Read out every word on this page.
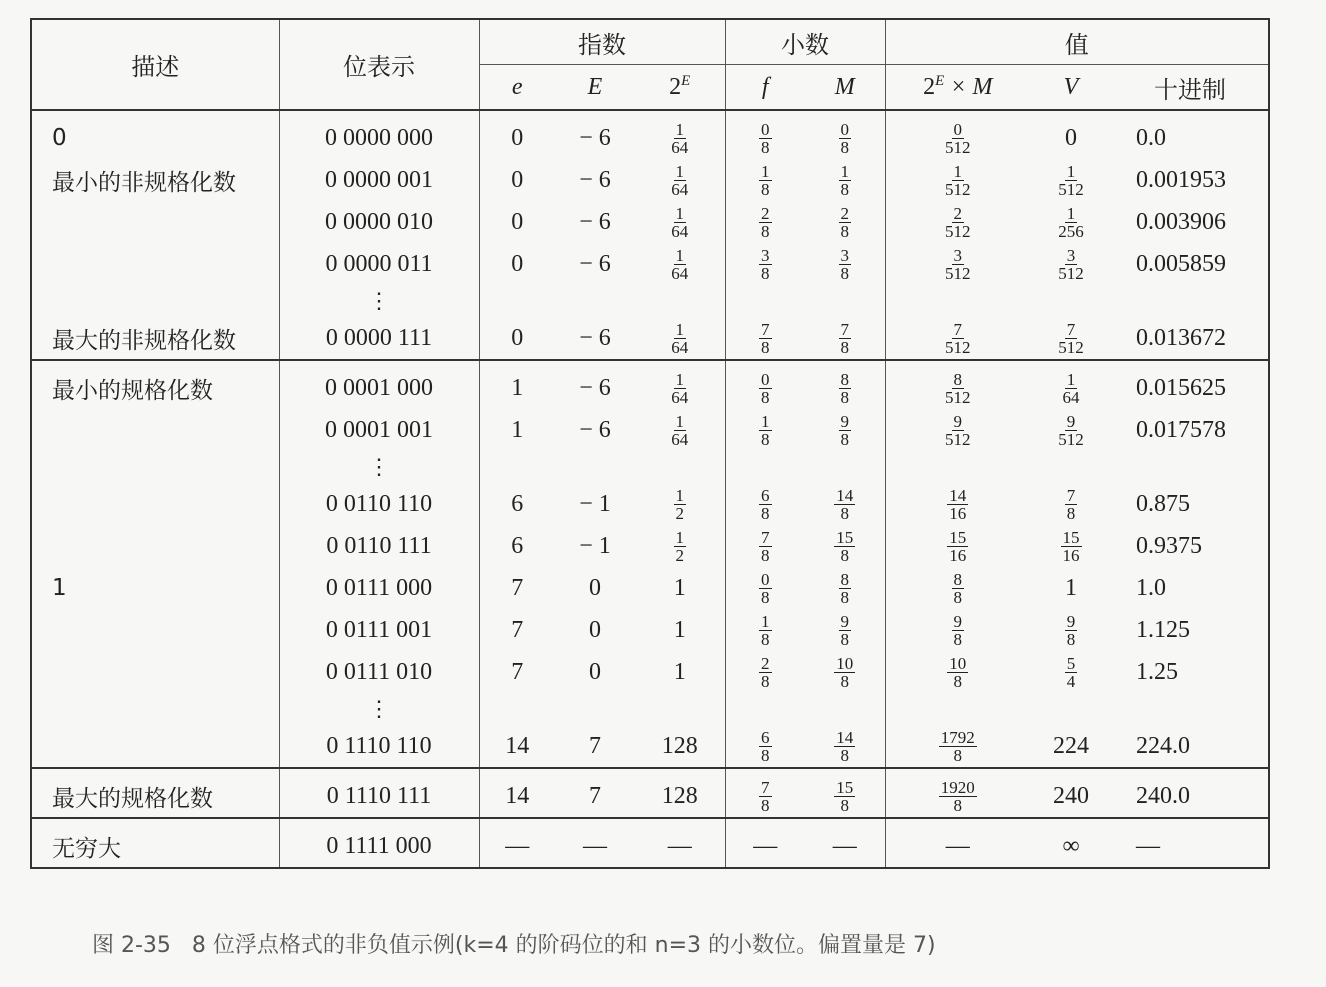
描述	位表示	指数			小数		值		
		e	E	$2^E$	f	M	$2^E \times M$	V	十进制
0	0 0000 000	0	− 6	$\frac{1}{64}$	$\frac{0}{8}$	$\frac{0}{8}$	$\frac{0}{512}$	0	0.0
最小的非规格化数	0 0000 001	0	− 6	$\frac{1}{64}$	$\frac{1}{8}$	$\frac{1}{8}$	$\frac{1}{512}$	$\frac{1}{512}$	0.001953
	0 0000 010	0	− 6	$\frac{1}{64}$	$\frac{2}{8}$	$\frac{2}{8}$	$\frac{2}{512}$	$\frac{1}{256}$	0.003906
	0 0000 011	0	− 6	$\frac{1}{64}$	$\frac{3}{8}$	$\frac{3}{8}$	$\frac{3}{512}$	$\frac{3}{512}$	0.005859
	⋮								
最大的非规格化数	0 0000 111	0	− 6	$\frac{1}{64}$	$\frac{7}{8}$	$\frac{7}{8}$	$\frac{7}{512}$	$\frac{7}{512}$	0.013672
最小的规格化数	0 0001 000	1	− 6	$\frac{1}{64}$	$\frac{0}{8}$	$\frac{8}{8}$	$\frac{8}{512}$	$\frac{1}{64}$	0.015625
	0 0001 001	1	− 6	$\frac{1}{64}$	$\frac{1}{8}$	$\frac{9}{8}$	$\frac{9}{512}$	$\frac{9}{512}$	0.017578
	⋮								
	0 0110 110	6	− 1	$\frac{1}{2}$	$\frac{6}{8}$	$\frac{14}{8}$	$\frac{14}{16}$	$\frac{7}{8}$	0.875
	0 0110 111	6	− 1	$\frac{1}{2}$	$\frac{7}{8}$	$\frac{15}{8}$	$\frac{15}{16}$	$\frac{15}{16}$	0.9375
1	0 0111 000	7	0	1	$\frac{0}{8}$	$\frac{8}{8}$	$\frac{8}{8}$	1	1.0
	0 0111 001	7	0	1	$\frac{1}{8}$	$\frac{9}{8}$	$\frac{9}{8}$	$\frac{9}{8}$	1.125
	0 0111 010	7	0	1	$\frac{2}{8}$	$\frac{10}{8}$	$\frac{10}{8}$	$\frac{5}{4}$	1.25
	⋮								
	0 1110 110	14	7	128	$\frac{6}{8}$	$\frac{14}{8}$	$\frac{1792}{8}$	224	224.0
最大的规格化数	0 1110 111	14	7	128	$\frac{7}{8}$	$\frac{15}{8}$	$\frac{1920}{8}$	240	240.0
无穷大	0 1111 000	—	—	—	—	—	—	∞	—
图 2-35 8 位浮点格式的非负值示例(k=4 的阶码位的和 n=3 的小数位。偏置量是 7)
